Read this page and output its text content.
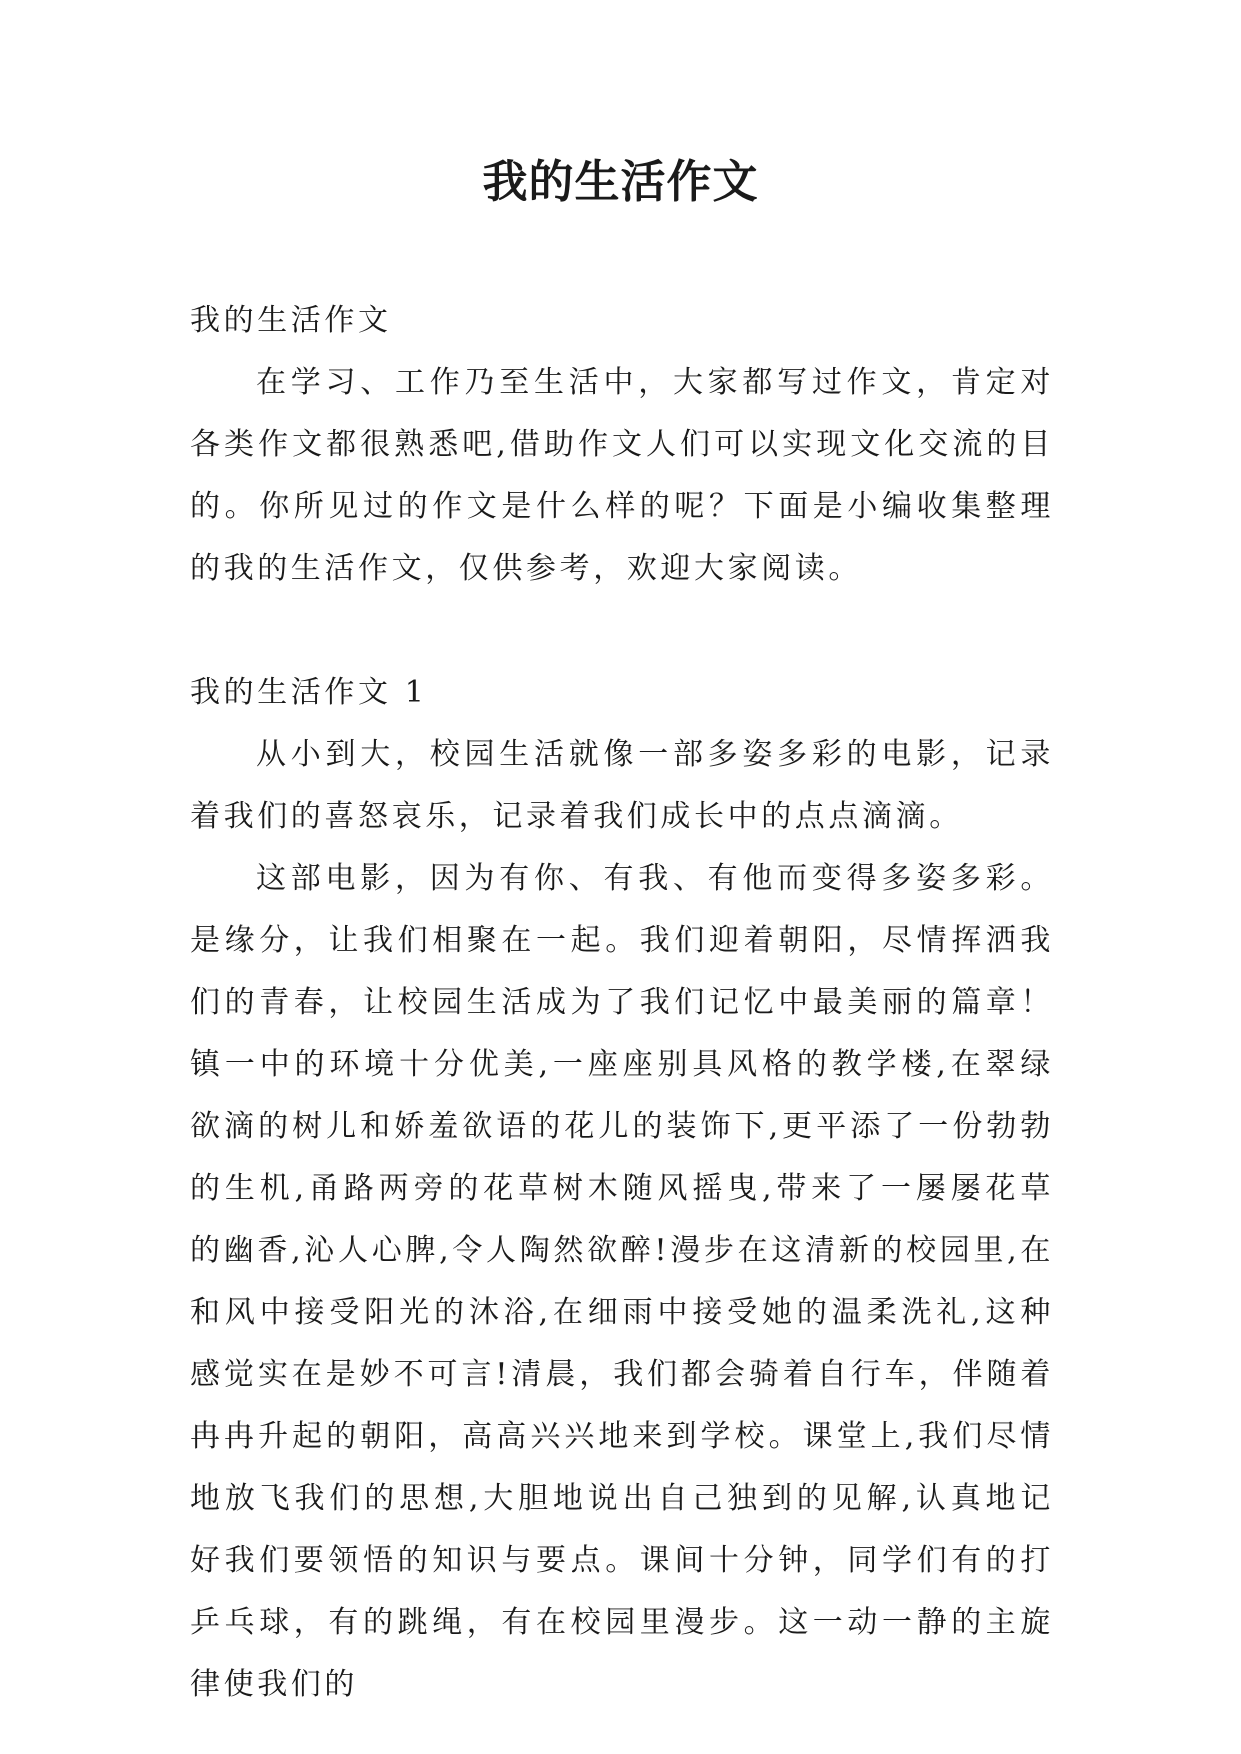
我的生活作文

我的生活作文

在学习、工作乃至生活中，大家都写过作文，肯定对各类作文都很熟悉吧,借助作文人们可以实现文化交流的目的。你所见过的作文是什么样的呢？下面是小编收集整理的我的生活作文，仅供参考，欢迎大家阅读。

我的生活作文 1

从小到大，校园生活就像一部多姿多彩的电影，记录着我们的喜怒哀乐，记录着我们成长中的点点滴滴。

这部电影，因为有你、有我、有他而变得多姿多彩。是缘分，让我们相聚在一起。我们迎着朝阳，尽情挥洒我们的青春，让校园生活成为了我们记忆中最美丽的篇章！镇一中的环境十分优美,一座座别具风格的教学楼,在翠绿欲滴的树儿和娇羞欲语的花儿的装饰下,更平添了一份勃勃的生机,甬路两旁的花草树木随风摇曳,带来了一屡屡花草的幽香,沁人心脾,令人陶然欲醉!漫步在这清新的校园里,在和风中接受阳光的沐浴,在细雨中接受她的温柔洗礼,这种感觉实在是妙不可言!清晨，我们都会骑着自行车，伴随着冉冉升起的朝阳，高高兴兴地来到学校。课堂上,我们尽情地放飞我们的思想,大胆地说出自己独到的见解,认真地记好我们要领悟的知识与要点。课间十分钟，同学们有的打乒乓球，有的跳绳，有在校园里漫步。这一动一静的主旋律使我们的
